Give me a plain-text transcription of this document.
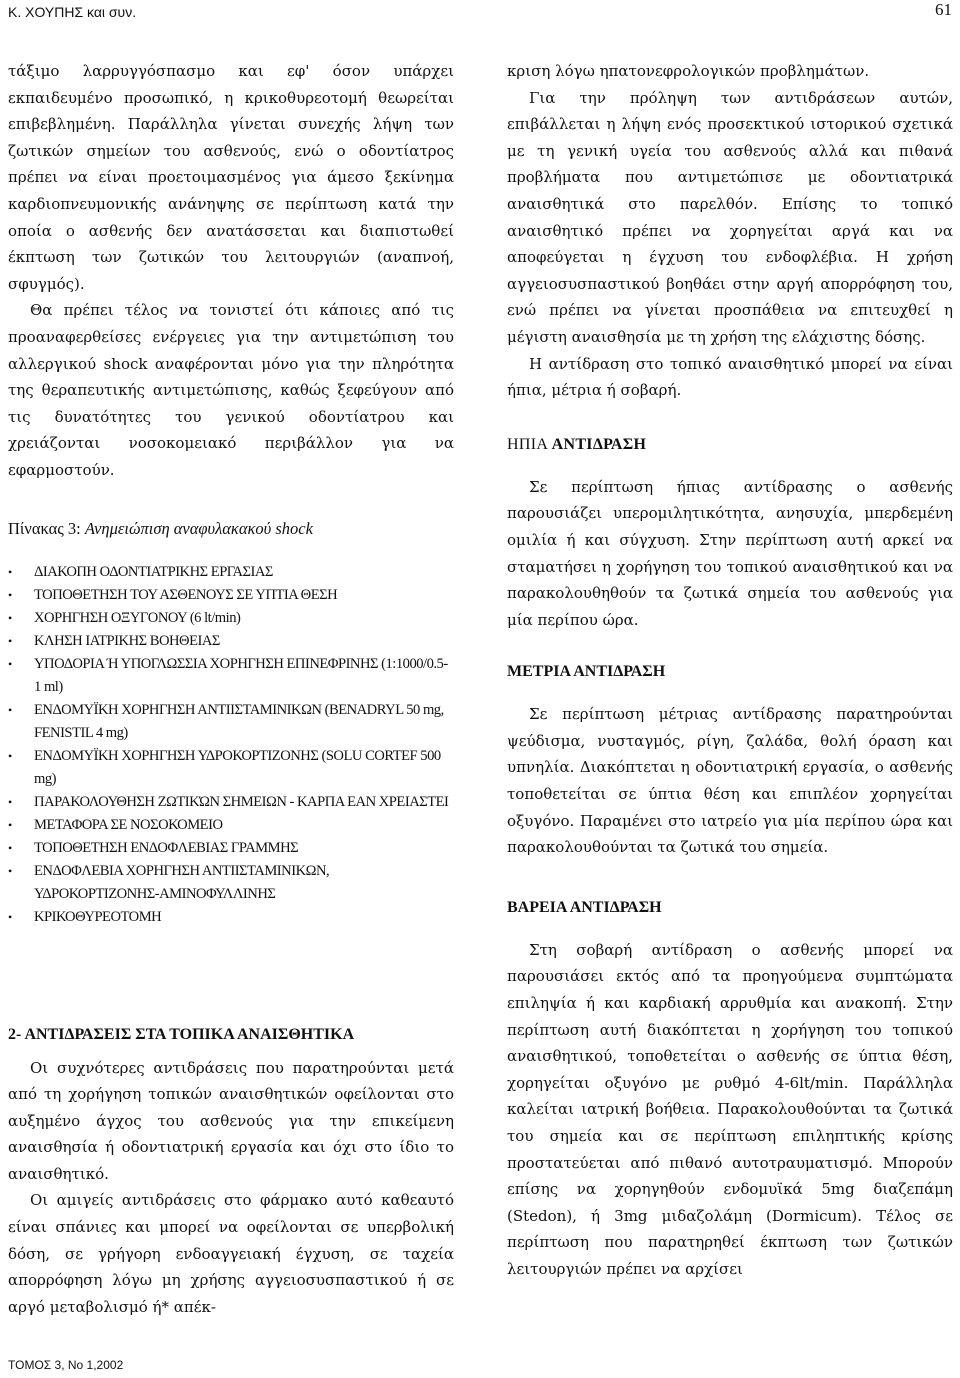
Κ. ΧΟΥΠΗΣ και συν.	61

τάξιμο λαρρυγγόσπασμο και εφ' όσον υπάρχει εκπαιδευμένο προσωπικό, η κρικοθυρεοτομή θεωρείται επιβεβλημένη. Παράλληλα γίνεται συνεχής λήψη των ζωτικών σημείων του ασθενούς, ενώ ο οδοντίατρος πρέπει να είναι προετοιμασμένος για άμεσο ξεκίνημα καρδιοπνευμονικής ανάνηψης σε περίπτωση κατά την οποία ο ασθενής δεν ανατάσσεται και διαπιστωθεί έκπτωση των ζωτικών του λειτουργιών (αναπνοή, σφυγμός).

Θα πρέπει τέλος να τονιστεί ότι κάποιες από τις προαναφερθείσες ενέργειες για την αντιμετώπιση του αλλεργικού shock αναφέρονται μόνο για την πληρότητα της θεραπευτικής αντιμετώπισης, καθώς ξεφεύγουν από τις δυνατότητες του γενικού οδοντίατρου και χρειάζονται νοσοκομειακό περιβάλλον για να εφαρμοστούν.

Πίνακας 3: Ανημειώπιση αναφυλακακού shock
• ΔΙΑΚΟΠΗ ΟΔΟΝΤΙΑΤΡΙΚΗΣ ΕΡΓΑΣΙΑΣ
• ΤΟΠΟΘΕΤΗΣΗ ΤΟΥ ΑΣΘΕΝΟΥΣ ΣΕ ΥΠΤΙΑ ΘΕΣΗ
• ΧΟΡΗΓΗΣΗ ΟΞΥΓΟΝΟΥ (6 lt/min)
• ΚΛΗΣΗ ΙΑΤΡΙΚΗΣ ΒΟΗΘΕΙΑΣ
• ΥΠΟΔΟΡΙΑ Ή ΥΠΟΓΛΩΣΣΙΑ ΧΟΡΗΓΗΣΗ ΕΠΙΝΕΦΡΙΝΗΣ (1:1000/0.5-1 ml)
• ΕΝΔΟΜΥΪΚΗ ΧΟΡΗΓΗΣΗ ΑΝΤΙΙΣΤΑΜΙΝΙΚΩΝ (BENADRYL 50 mg, FENISTIL 4 mg)
• ΕΝΔΟΜΥΪΚΗ ΧΟΡΗΓΗΣΗ ΥΔΡΟΚΟΡΤΙΖΟΝΗΣ (SOLU CORTEF 500 mg)
• ΠΑΡΑΚΟΛΟΥΘΗΣΗ ΖΩΤΙΚΏΝ ΣΗΜΕΙΩΝ - ΚΑΡΠΑ ΕΑΝ ΧΡΕΙΑΣΤΕΙ
• ΜΕΤΑΦΟΡΑ ΣΕ ΝΟΣΟΚΟΜΕΙΟ
• ΤΟΠΟΘΕΤΗΣΗ ΕΝΔΟΦΛΕΒΙΑΣ ΓΡΑΜΜΗΣ
• ΕΝΔΟΦΛΕΒΙΑ ΧΟΡΗΓΗΣΗ ΑΝΤΙΙΣΤΑΜΙΝΙΚΩΝ, ΥΔΡΟΚΟΡΤΙΖΟΝΗΣ-ΑΜΙΝΟΦΥΛΛΙΝΗΣ
• ΚΡΙΚΟΘΥΡΕΟΤΟΜΗ
2- ΑΝΤΙΔΡΑΣΕΙΣ ΣΤΑ ΤΟΠΙΚΑ ΑΝΑΙΣΘΗΤΙΚΑ

Οι συχνότερες αντιδράσεις που παρατηρούνται μετά από τη χορήγηση τοπικών αναισθητικών οφείλονται στο αυξημένο άγχος του ασθενούς για την επικείμενη αναισθησία ή οδοντιατρική εργασία και όχι στο ίδιο το αναισθητικό.

Οι αμιγείς αντιδράσεις στο φάρμακο αυτό καθεαυτό είναι σπάνιες και μπορεί να οφείλονται σε υπερβολική δόση, σε γρήγορη ενδοαγγειακή έγχυση, σε ταχεία απορρόφηση λόγω μη χρήσης αγγειοσυσπαστικού ή σε αργό μεταβολισμό ή* απέκ-

κριση λόγω ηπατονεφρολογικών προβλημάτων.

Για την πρόληψη των αντιδράσεων αυτών, επιβάλλεται η λήψη ενός προσεκτικού ιστορικού σχετικά με τη γενική υγεία του ασθενούς αλλά και πιθανά προβλήματα που αντιμετώπισε με οδοντιατρικά αναισθητικά στο παρελθόν. Επίσης το τοπικό αναισθητικό πρέπει να χορηγείται αργά και να αποφεύγεται η έγχυση του ενδοφλέβια. Η χρήση αγγειοσυσπαστικού βοηθάει στην αργή απορρόφηση του, ενώ πρέπει να γίνεται προσπάθεια να επιτευχθεί η μέγιστη αναισθησία με τη χρήση της ελάχιστης δόσης.

Η αντίδραση στο τοπικό αναισθητικό μπορεί να είναι ήπια, μέτρια ή σοβαρή.

ΗΠΙΑ ΑΝΤΙΔΡΑΣΗ

Σε περίπτωση ήπιας αντίδρασης ο ασθενής παρουσιάζει υπερομιλητικότητα, ανησυχία, μπερδεμένη ομιλία ή και σύγχυση. Στην περίπτωση αυτή αρκεί να σταματήσει η χορήγηση του τοπικού αναισθητικού και να παρακολουθηθούν τα ζωτικά σημεία του ασθενούς για μία περίπου ώρα.

ΜΕΤΡΙΑ ΑΝΤΙΔΡΑΣΗ

Σε περίπτωση μέτριας αντίδρασης παρατηρούνται ψεύδισμα, νυσταγμός, ρίγη, ζαλάδα, θολή όραση και υπνηλία. Διακόπτεται η οδοντιατρική εργασία, ο ασθενής τοποθετείται σε ύπτια θέση και επιπλέον χορηγείται οξυγόνο. Παραμένει στο ιατρείο για μία περίπου ώρα και παρακολουθούνται τα ζωτικά του σημεία.

ΒΑΡΕΙΑ ΑΝΤΙΔΡΑΣΗ

Στη σοβαρή αντίδραση ο ασθενής μπορεί να παρουσιάσει εκτός από τα προηγούμενα συμπτώματα επιληψία ή και καρδιακή αρρυθμία και ανακοπή. Στην περίπτωση αυτή διακόπτεται η χορήγηση του τοπικού αναισθητικού, τοποθετείται ο ασθενής σε ύπτια θέση, χορηγείται οξυγόνο με ρυθμό 4-6lt/min. Παράλληλα καλείται ιατρική βοήθεια. Παρακολουθούνται τα ζωτικά του σημεία και σε περίπτωση επιληπτικής κρίσης προστατεύεται από πιθανό αυτοτραυματισμό. Μπορούν επίσης να χορηγηθούν ενδομυϊκά 5mg διαζεπάμη (Stedon), ή 3mg μιδαζολάμη (Dormicum). Τέλος σε περίπτωση που παρατηρηθεί έκπτωση των ζωτικών λειτουργιών πρέπει να αρχίσει

ΤΟΜΟΣ 3, Νο 1,2002
